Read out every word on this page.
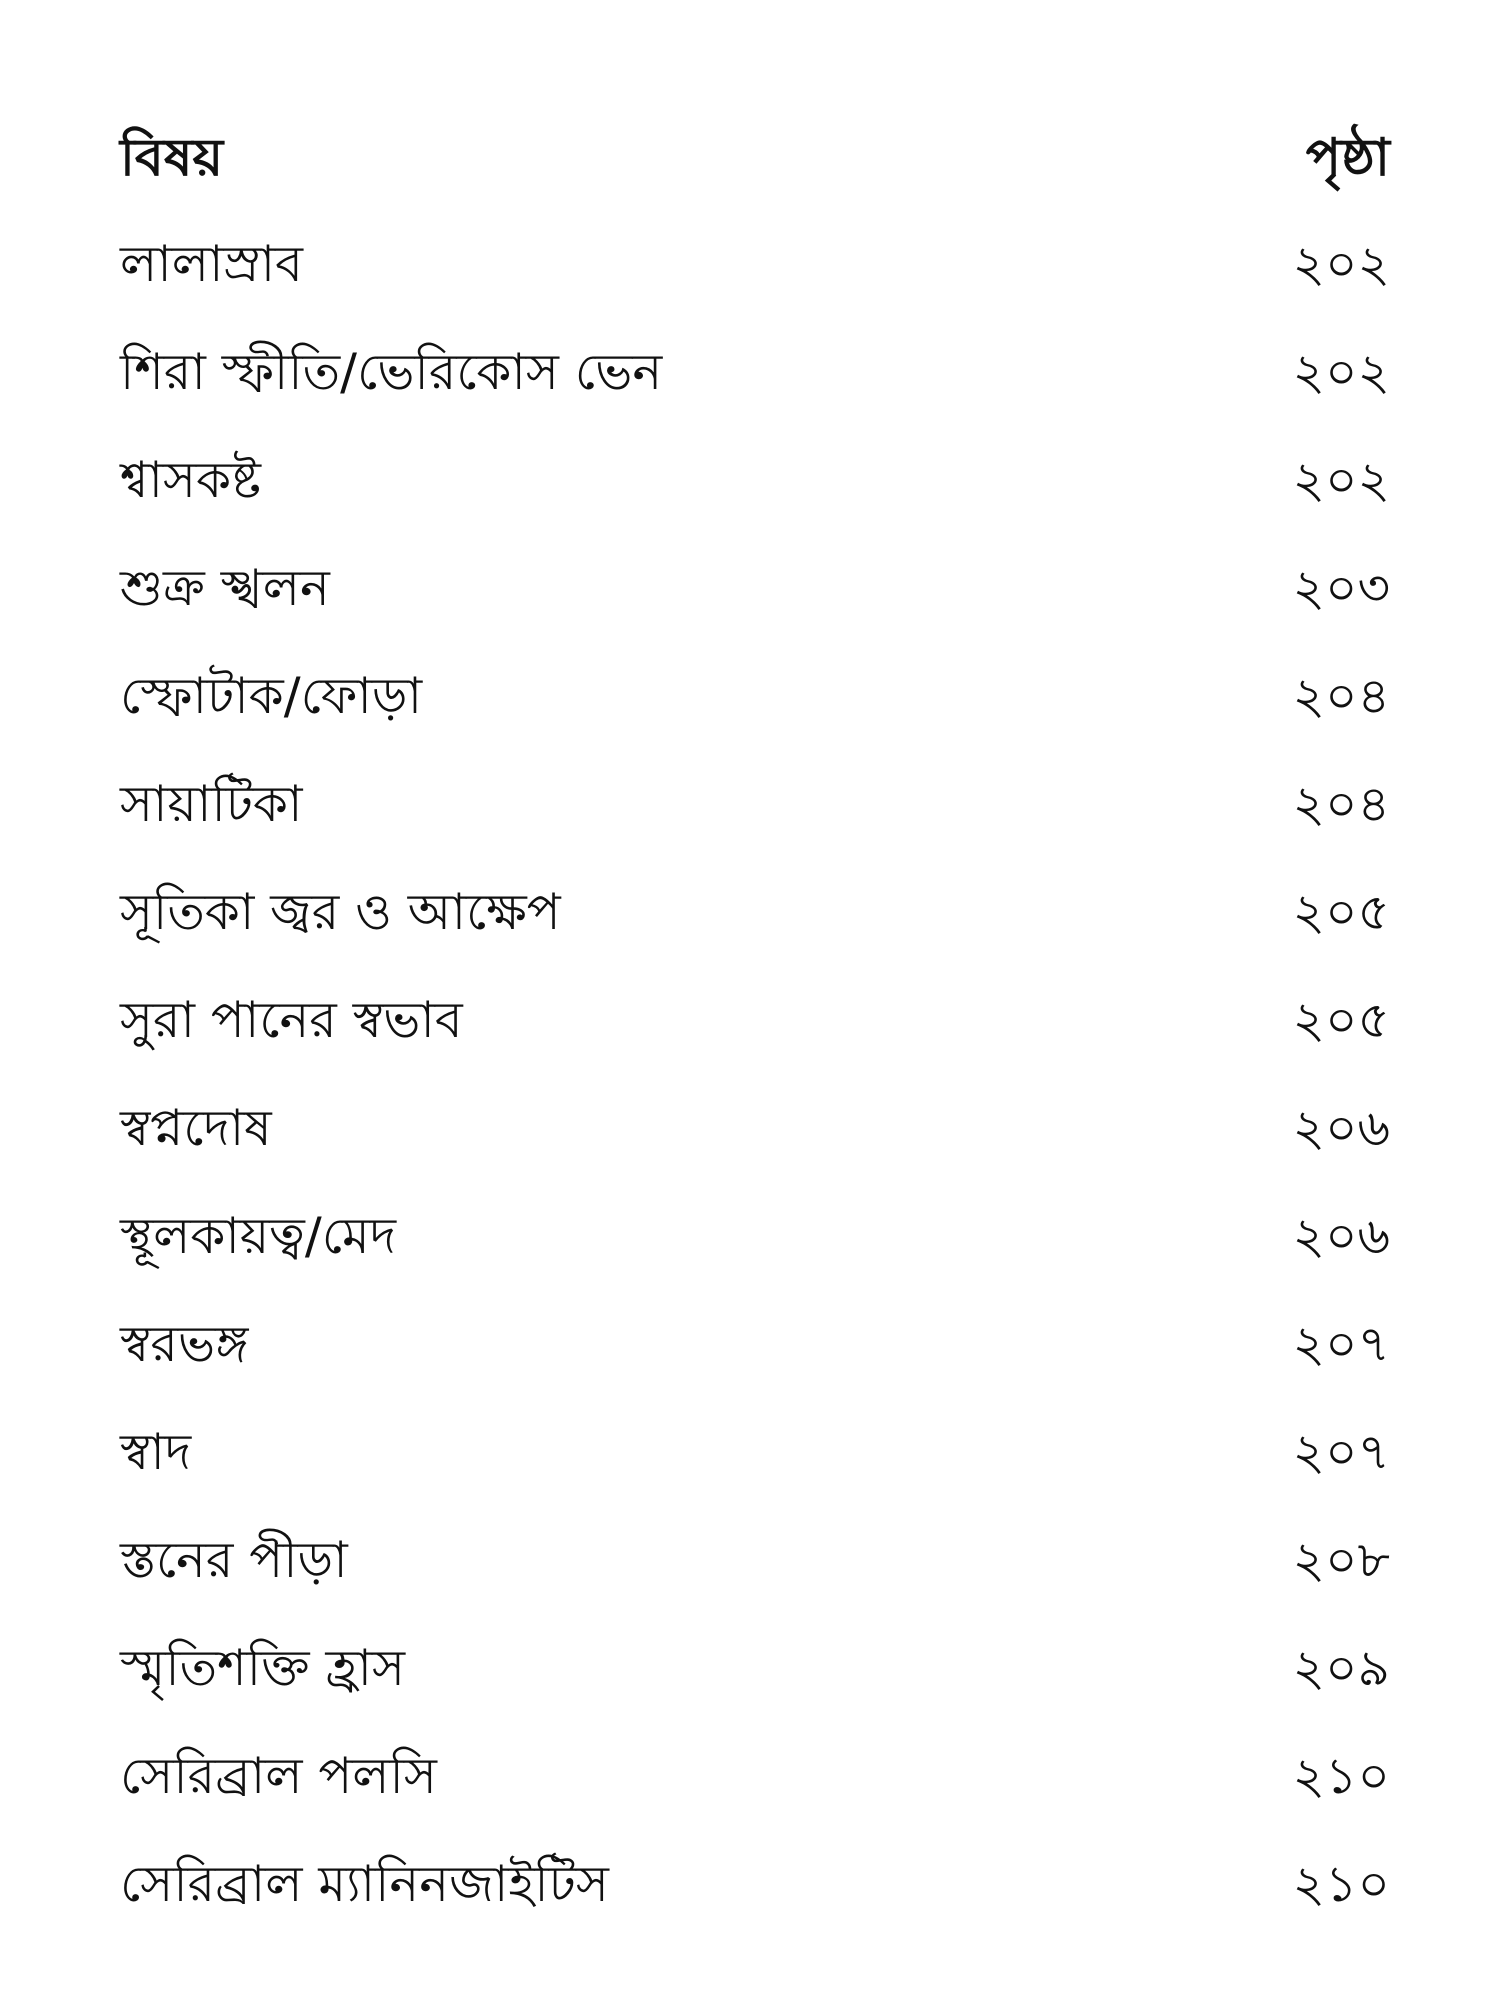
বিষয়	পৃষ্ঠা
লালাস্রাব	২০২
শিরা স্ফীতি/ভেরিকোস ভেন	২০২
শ্বাসকষ্ট	২০২
শুক্র স্খলন	২০৩
স্ফোটাক/ফোড়া	২০৪
সায়াটিকা	২০৪
সূতিকা জ্বর ও আক্ষেপ	২০৫
সুরা পানের স্বভাব	২০৫
স্বপ্নদোষ	২০৬
স্থূলকায়ত্ব/মেদ	২০৬
স্বরভঙ্গ	২০৭
স্বাদ	২০৭
স্তনের পীড়া	২০৮
স্মৃতিশক্তি হ্রাস	২০৯
সেরিব্রাল পলসি	২১০
সেরিব্রাল ম্যানিনজাইটিস	২১০
